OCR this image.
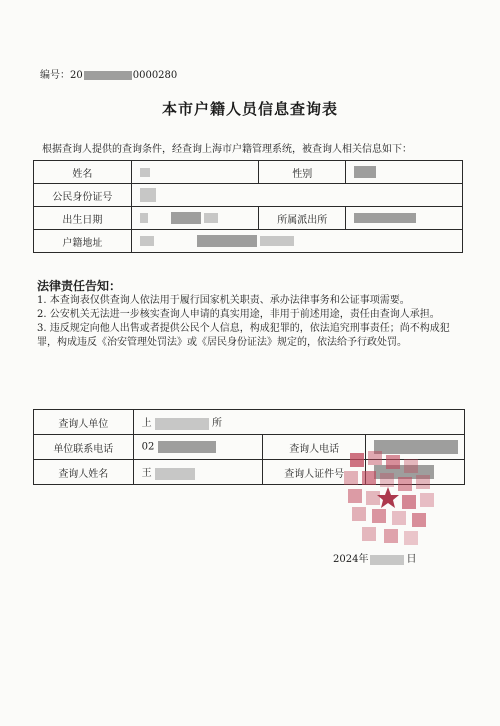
编号：20	0000280
本市户籍人员信息查询表
根据查询人提供的查询条件，经查询上海市户籍管理系统，被查询人相关信息如下：
姓名		性别	
公民身份证号			
出生日期		所属派出所	
户籍地址			
法律责任告知：
1. 本查询表仅供查询人依法用于履行国家机关职责、承办法律事务和公证事项需要。
2. 公安机关无法进一步核实查询人申请的真实用途，非用于前述用途，责任由查询人承担。
3. 违反规定向他人出售或者提供公民个人信息，构成犯罪的，依法追究刑事责任；尚不构成犯罪，构成违反《治安管理处罚法》或《居民身份证法》规定的，依法给予行政处罚。
查询人单位	上 所		
单位联系电话	02	查询人电话	
查询人姓名	王	查询人证件号	
2024年	日
